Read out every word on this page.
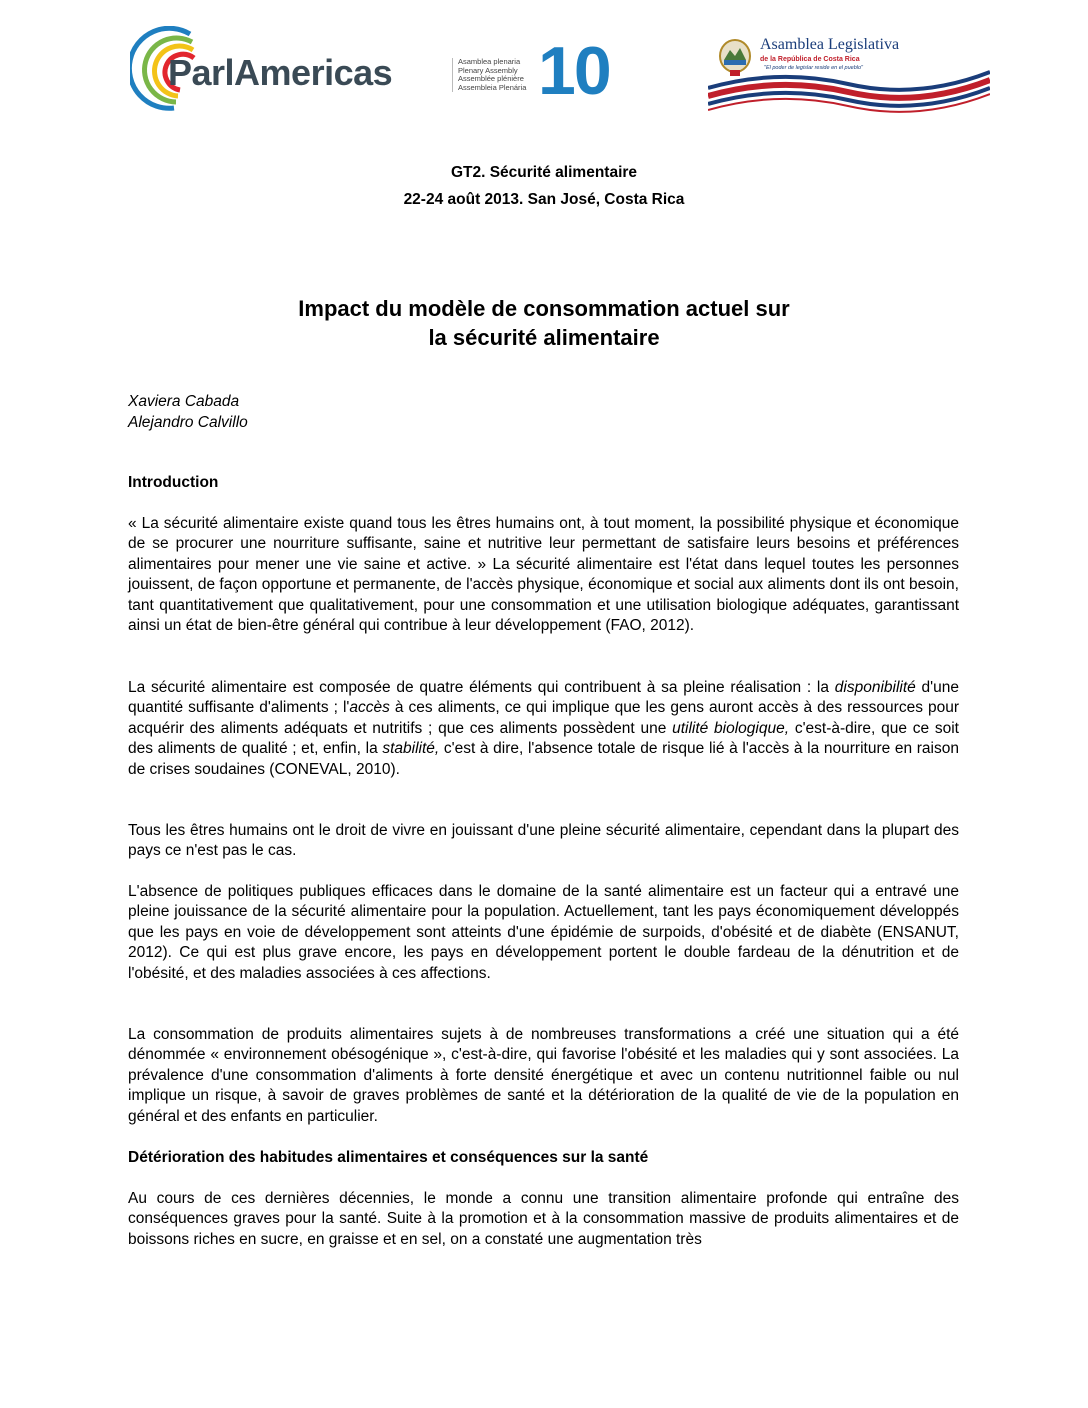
ParlAmericas	Asamblea plenaria
Plenary Assembly
Assemblée plénière
Assembleia Plenária 10	Asamblea Legislativa
de la República de Costa Rica
"El poder de legislar reside en el pueblo"
GT2. Sécurité alimentaire
22-24 août 2013. San José, Costa Rica
Impact du modèle de consommation actuel sur
la sécurité alimentaire
Xaviera Cabada
Alejandro Calvillo
Introduction

« La sécurité alimentaire existe quand tous les êtres humains ont, à tout moment, la possibilité physique et économique de se procurer une nourriture suffisante, saine et nutritive leur permettant de satisfaire leurs besoins et préférences alimentaires pour mener une vie saine et active. » La sécurité alimentaire est l'état dans lequel toutes les personnes jouissent, de façon opportune et permanente, de l'accès physique, économique et social aux aliments dont ils ont besoin, tant quantitativement que qualitativement, pour une consommation et une utilisation biologique adéquates, garantissant ainsi un état de bien-être général qui contribue à leur développement (FAO, 2012).

La sécurité alimentaire est composée de quatre éléments qui contribuent à sa pleine réalisation : la disponibilité d'une quantité suffisante d'aliments ; l'accès à ces aliments, ce qui implique que les gens auront accès à des ressources pour acquérir des aliments adéquats et nutritifs ; que ces aliments possèdent une utilité biologique, c'est-à-dire, que ce soit des aliments de qualité ; et, enfin, la stabilité, c'est à dire, l'absence totale de risque lié à l'accès à la nourriture en raison de crises soudaines (CONEVAL, 2010).

Tous les êtres humains ont le droit de vivre en jouissant d'une pleine sécurité alimentaire, cependant dans la plupart des pays ce n'est pas le cas.

L'absence de politiques publiques efficaces dans le domaine de la santé alimentaire est un facteur qui a entravé une pleine jouissance de la sécurité alimentaire pour la population. Actuellement, tant les pays économiquement développés que les pays en voie de développement sont atteints d'une épidémie de surpoids, d'obésité et de diabète (ENSANUT, 2012). Ce qui est plus grave encore, les pays en développement portent le double fardeau de la dénutrition et de l'obésité, et des maladies associées à ces affections.

La consommation de produits alimentaires sujets à de nombreuses transformations a créé une situation qui a été dénommée « environnement obésogénique », c'est-à-dire, qui favorise l'obésité et les maladies qui y sont associées. La prévalence d'une consommation d'aliments à forte densité énergétique et avec un contenu nutritionnel faible ou nul implique un risque, à savoir de graves problèmes de santé et la détérioration de la qualité de vie de la population en général et des enfants en particulier.

Détérioration des habitudes alimentaires et conséquences sur la santé

Au cours de ces dernières décennies, le monde a connu une transition alimentaire profonde qui entraîne des conséquences graves pour la santé. Suite à la promotion et à la consommation massive de produits alimentaires et de boissons riches en sucre, en graisse et en sel, on a constaté une augmentation très
